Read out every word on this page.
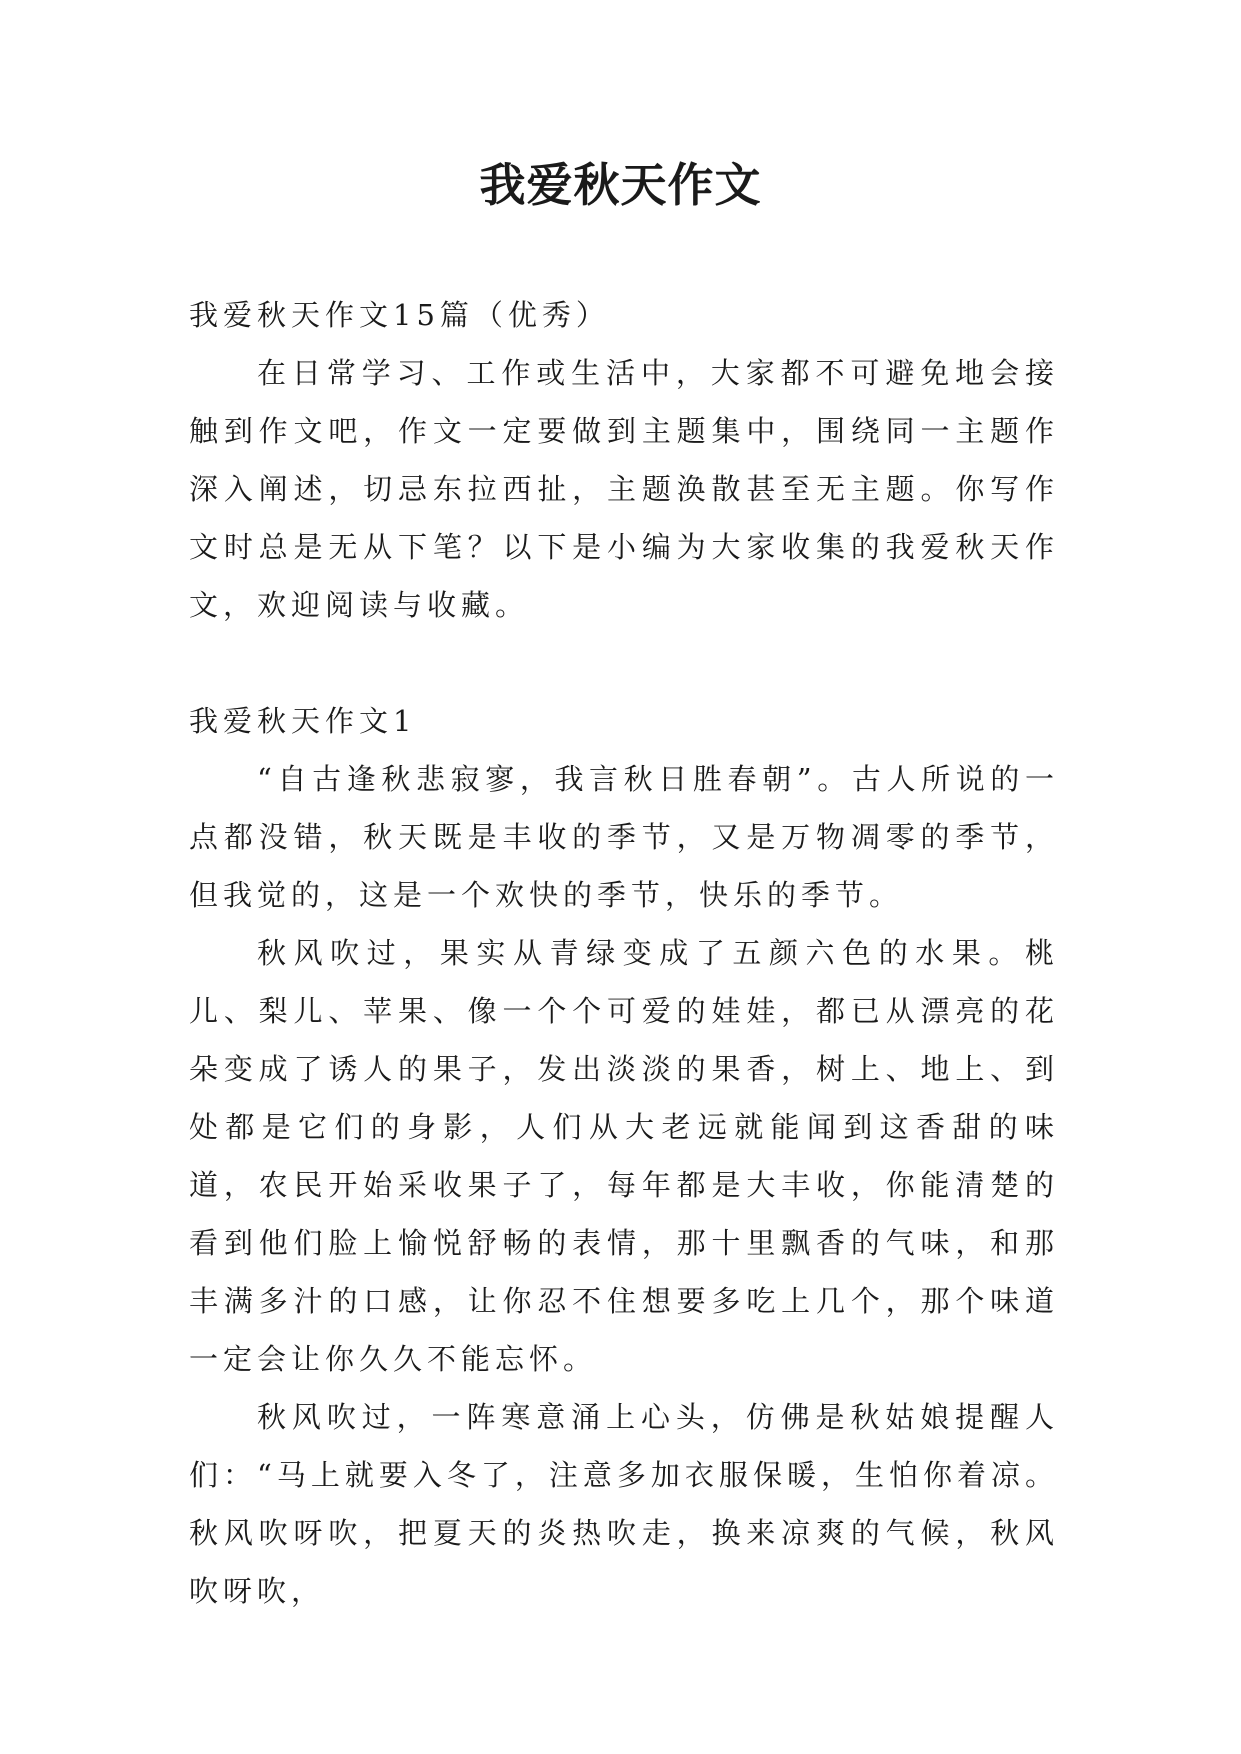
我爱秋天作文

我爱秋天作文15篇（优秀）

在日常学习、工作或生活中，大家都不可避免地会接触到作文吧，作文一定要做到主题集中，围绕同一主题作深入阐述，切忌东拉西扯，主题涣散甚至无主题。你写作文时总是无从下笔？以下是小编为大家收集的我爱秋天作文，欢迎阅读与收藏。

我爱秋天作文1

“自古逢秋悲寂寥，我言秋日胜春朝”。古人所说的一点都没错，秋天既是丰收的季节，又是万物凋零的季节，但我觉的，这是一个欢快的季节，快乐的季节。

秋风吹过，果实从青绿变成了五颜六色的水果。桃儿、梨儿、苹果、像一个个可爱的娃娃，都已从漂亮的花朵变成了诱人的果子，发出淡淡的果香，树上、地上、到处都是它们的身影，人们从大老远就能闻到这香甜的味道，农民开始采收果子了，每年都是大丰收，你能清楚的看到他们脸上愉悦舒畅的表情，那十里飘香的气味，和那丰满多汁的口感，让你忍不住想要多吃上几个，那个味道一定会让你久久不能忘怀。

秋风吹过，一阵寒意涌上心头，仿佛是秋姑娘提醒人们：“马上就要入冬了，注意多加衣服保暖，生怕你着凉。秋风吹呀吹，把夏天的炎热吹走，换来凉爽的气候，秋风吹呀吹，
